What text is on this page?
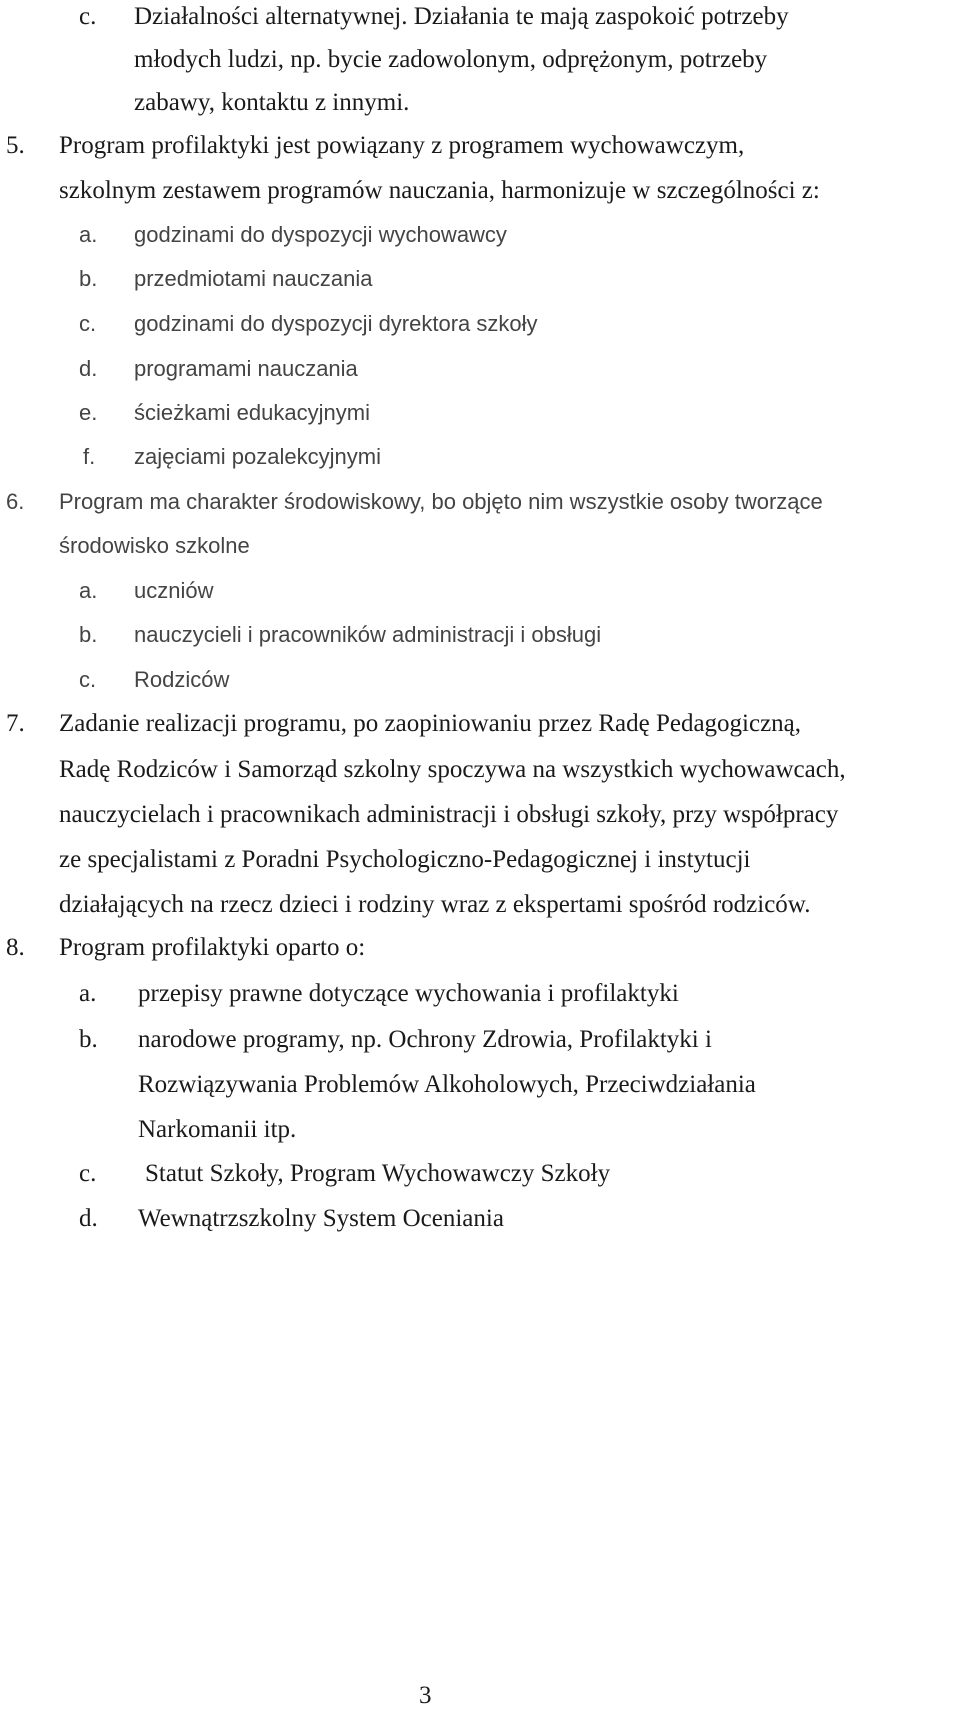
c. Działalności alternatywnej. Działania te mają zaspokoić potrzeby
młodych ludzi, np. bycie zadowolonym, odprężonym, potrzeby
zabawy, kontaktu z innymi.
5. Program profilaktyki jest powiązany z programem wychowawczym,
szkolnym zestawem programów nauczania, harmonizuje w szczególności z:
a. godzinami do dyspozycji wychowawcy
b. przedmiotami nauczania
c. godzinami do dyspozycji dyrektora szkoły
d. programami nauczania
e. ścieżkami edukacyjnymi
f. zajęciami pozalekcyjnymi
6. Program ma charakter środowiskowy, bo objęto nim wszystkie osoby tworzące
środowisko szkolne
a. uczniów
b. nauczycieli i pracowników administracji i obsługi
c. Rodziców
7. Zadanie realizacji programu, po zaopiniowaniu przez Radę Pedagogiczną,
Radę Rodziców i Samorząd szkolny spoczywa na wszystkich wychowawcach,
nauczycielach i pracownikach administracji i obsługi szkoły, przy współpracy
ze specjalistami z Poradni Psychologiczno-Pedagogicznej i instytucji
działających na rzecz dzieci i rodziny wraz z ekspertami spośród rodziców.
8. Program profilaktyki oparto o:
a. przepisy prawne dotyczące wychowania i profilaktyki
b. narodowe programy, np. Ochrony Zdrowia, Profilaktyki i
Rozwiązywania Problemów Alkoholowych, Przeciwdziałania
Narkomanii itp.
c. Statut Szkoły, Program Wychowawczy Szkoły
d. Wewnątrzszkolny System Oceniania
3
